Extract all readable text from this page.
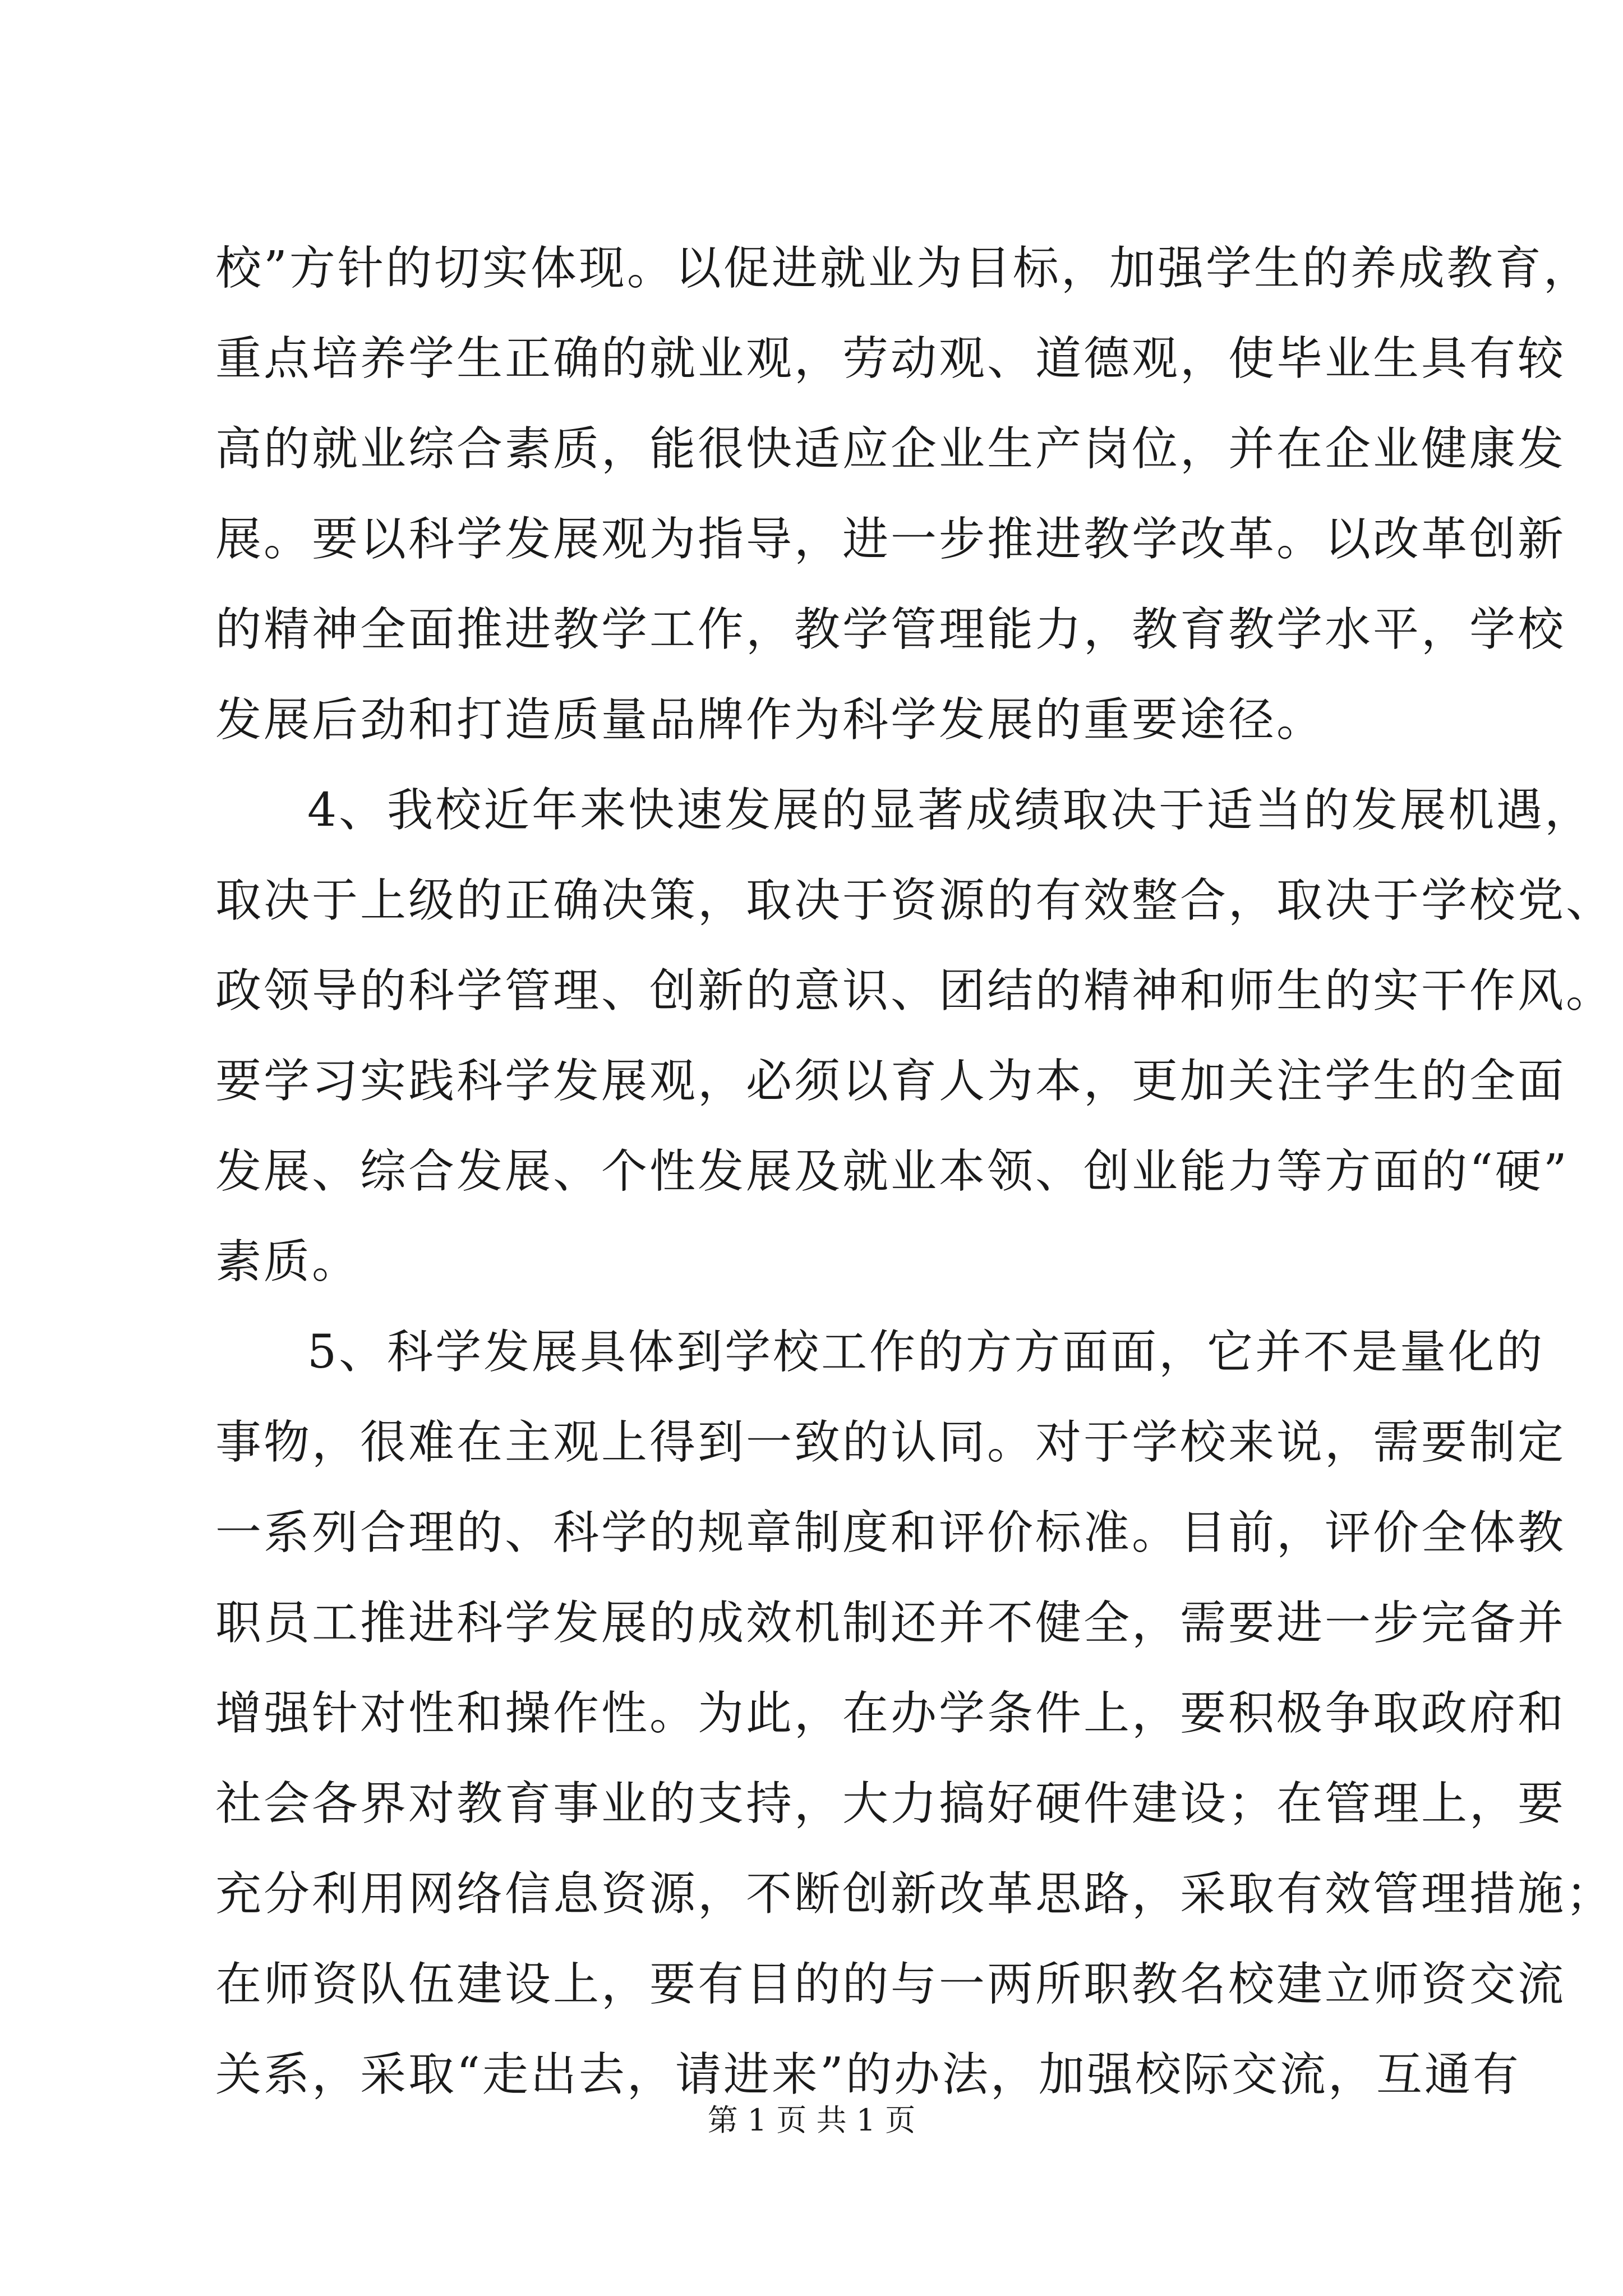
校”方针的切实体现。以促进就业为目标，加强学生的养成教育，
重点培养学生正确的就业观，劳动观、道德观，使毕业生具有较
高的就业综合素质，能很快适应企业生产岗位，并在企业健康发
展。要以科学发展观为指导，进一步推进教学改革。以改革创新
的精神全面推进教学工作，教学管理能力，教育教学水平，学校
发展后劲和打造质量品牌作为科学发展的重要途径。
4、我校近年来快速发展的显著成绩取决于适当的发展机遇，
取决于上级的正确决策，取决于资源的有效整合，取决于学校党、
政领导的科学管理、创新的意识、团结的精神和师生的实干作风。
要学习实践科学发展观，必须以育人为本，更加关注学生的全面
发展、综合发展、个性发展及就业本领、创业能力等方面的“硬”
素质。
5、科学发展具体到学校工作的方方面面，它并不是量化的
事物，很难在主观上得到一致的认同。对于学校来说，需要制定
一系列合理的、科学的规章制度和评价标准。目前，评价全体教
职员工推进科学发展的成效机制还并不健全，需要进一步完备并
增强针对性和操作性。为此，在办学条件上，要积极争取政府和
社会各界对教育事业的支持，大力搞好硬件建设；在管理上，要
充分利用网络信息资源，不断创新改革思路，采取有效管理措施；
在师资队伍建设上，要有目的的与一两所职教名校建立师资交流
关系，采取“走出去，请进来”的办法，加强校际交流，互通有
第 1 页 共 1 页
